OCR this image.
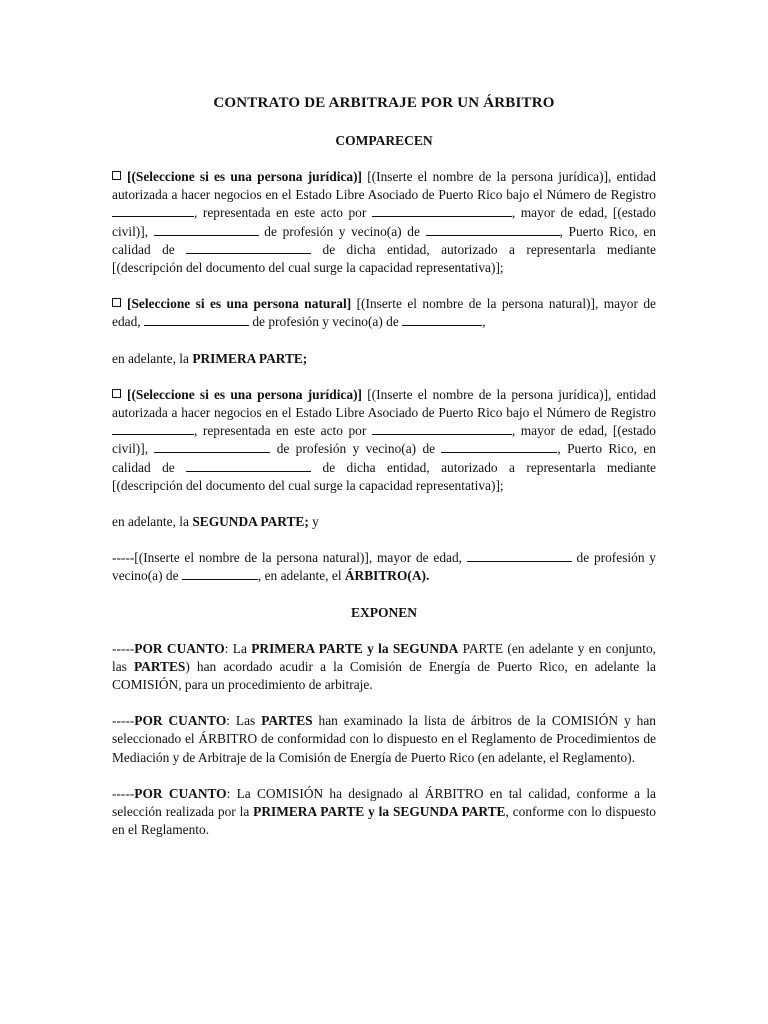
CONTRATO DE ARBITRAJE POR UN ÁRBITRO
COMPARECEN
[(Seleccione si es una persona jurídica)] [(Inserte el nombre de la persona jurídica)], entidad autorizada a hacer negocios en el Estado Libre Asociado de Puerto Rico bajo el Número de Registro , representada en este acto por	, mayor de edad, [(estado civil)],	de profesión y vecino(a) de	, Puerto Rico, en calidad de	de dicha entidad, autorizado a representarla mediante [(descripción del documento del cual surge la capacidad representativa)];
[Seleccione si es una persona natural] [(Inserte el nombre de la persona natural)], mayor de edad,	de profesión y vecino(a) de	,
en adelante, la PRIMERA PARTE;
[(Seleccione si es una persona jurídica)] [(Inserte el nombre de la persona jurídica)], entidad autorizada a hacer negocios en el Estado Libre Asociado de Puerto Rico bajo el Número de Registro , representada en este acto por	, mayor de edad, [(estado civil)],	de profesión y vecino(a) de	, Puerto Rico, en calidad de	de dicha entidad, autorizado a representarla mediante [(descripción del documento del cual surge la capacidad representativa)];
en adelante, la SEGUNDA PARTE; y
-----[(Inserte el nombre de la persona natural)], mayor de edad,	de profesión y vecino(a) de	, en adelante, el ÁRBITRO(A).
EXPONEN
-----POR CUANTO: La PRIMERA PARTE y la SEGUNDA PARTE (en adelante y en conjunto, las PARTES) han acordado acudir a la Comisión de Energía de Puerto Rico, en adelante la COMISIÓN, para un procedimiento de arbitraje.
-----POR CUANTO: Las PARTES han examinado la lista de árbitros de la COMISIÓN y han seleccionado el ÁRBITRO de conformidad con lo dispuesto en el Reglamento de Procedimientos de Mediación y de Arbitraje de la Comisión de Energía de Puerto Rico (en adelante, el Reglamento).
-----POR CUANTO: La COMISIÓN ha designado al ÁRBITRO en tal calidad, conforme a la selección realizada por la PRIMERA PARTE y la SEGUNDA PARTE, conforme con lo dispuesto en el Reglamento.
